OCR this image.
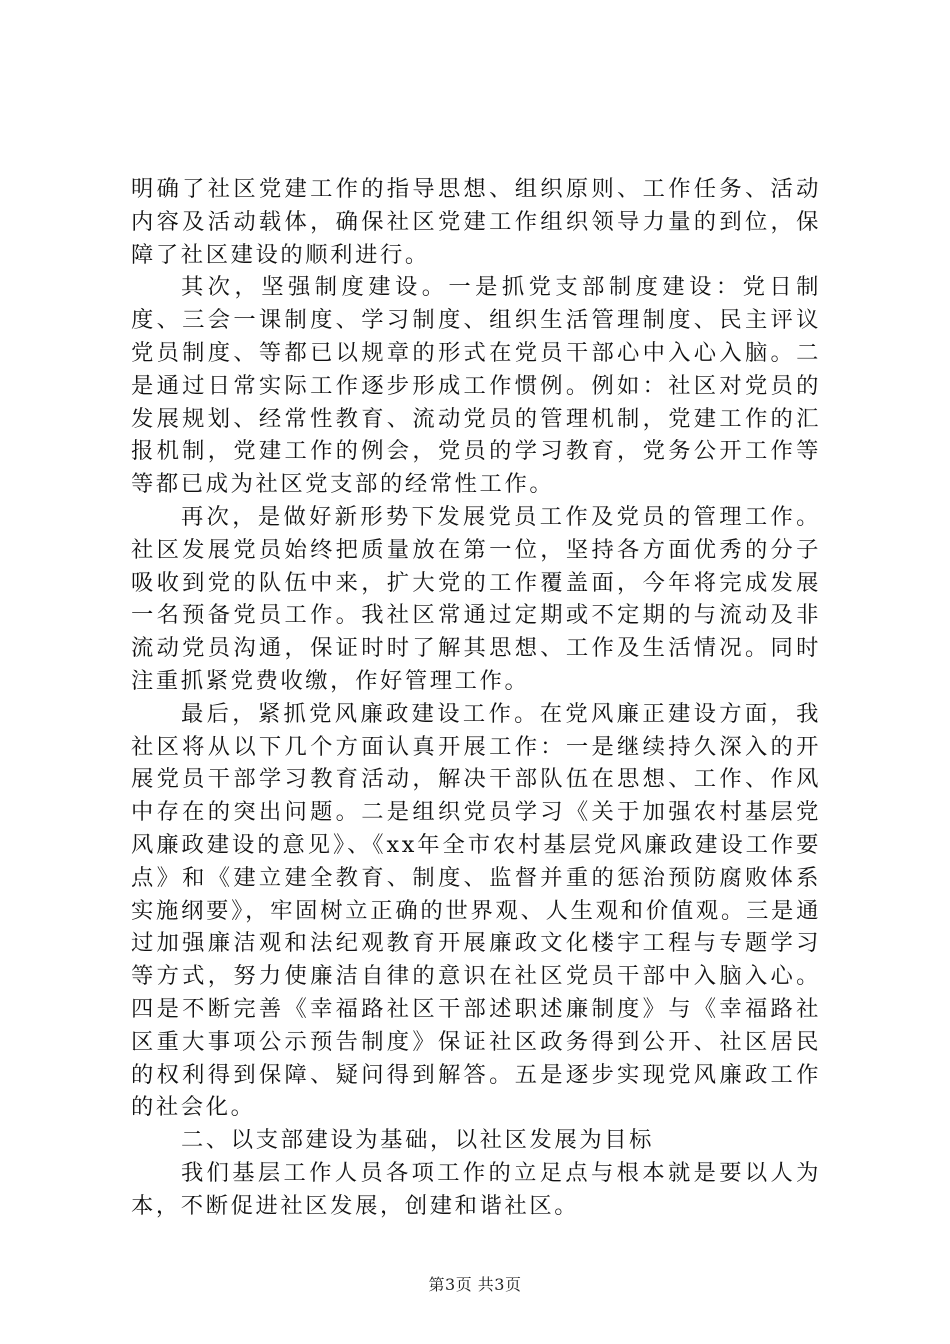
明确了社区党建工作的指导思想、组织原则、工作任务、活动内容及活动载体，确保社区党建工作组织领导力量的到位，保障了社区建设的顺利进行。

其次，坚强制度建设。一是抓党支部制度建设：党日制度、三会一课制度、学习制度、组织生活管理制度、民主评议党员制度、等都已以规章的形式在党员干部心中入心入脑。二是通过日常实际工作逐步形成工作惯例。例如：社区对党员的发展规划、经常性教育、流动党员的管理机制，党建工作的汇报机制，党建工作的例会，党员的学习教育，党务公开工作等等都已成为社区党支部的经常性工作。

再次，是做好新形势下发展党员工作及党员的管理工作。社区发展党员始终把质量放在第一位，坚持各方面优秀的分子吸收到党的队伍中来，扩大党的工作覆盖面，今年将完成发展一名预备党员工作。我社区常通过定期或不定期的与流动及非流动党员沟通，保证时时了解其思想、工作及生活情况。同时注重抓紧党费收缴，作好管理工作。

最后，紧抓党风廉政建设工作。在党风廉正建设方面，我社区将从以下几个方面认真开展工作：一是继续持久深入的开展党员干部学习教育活动，解决干部队伍在思想、工作、作风中存在的突出问题。二是组织党员学习《关于加强农村基层党风廉政建设的意见》、《xx年全市农村基层党风廉政建设工作要点》和《建立建全教育、制度、监督并重的惩治预防腐败体系实施纲要》，牢固树立正确的世界观、人生观和价值观。三是通过加强廉洁观和法纪观教育开展廉政文化楼宇工程与专题学习等方式，努力使廉洁自律的意识在社区党员干部中入脑入心。四是不断完善《幸福路社区干部述职述廉制度》与《幸福路社区重大事项公示预告制度》保证社区政务得到公开、社区居民的权利得到保障、疑问得到解答。五是逐步实现党风廉政工作的社会化。

二、以支部建设为基础，以社区发展为目标

我们基层工作人员各项工作的立足点与根本就是要以人为本，不断促进社区发展，创建和谐社区。

第3页 共3页
